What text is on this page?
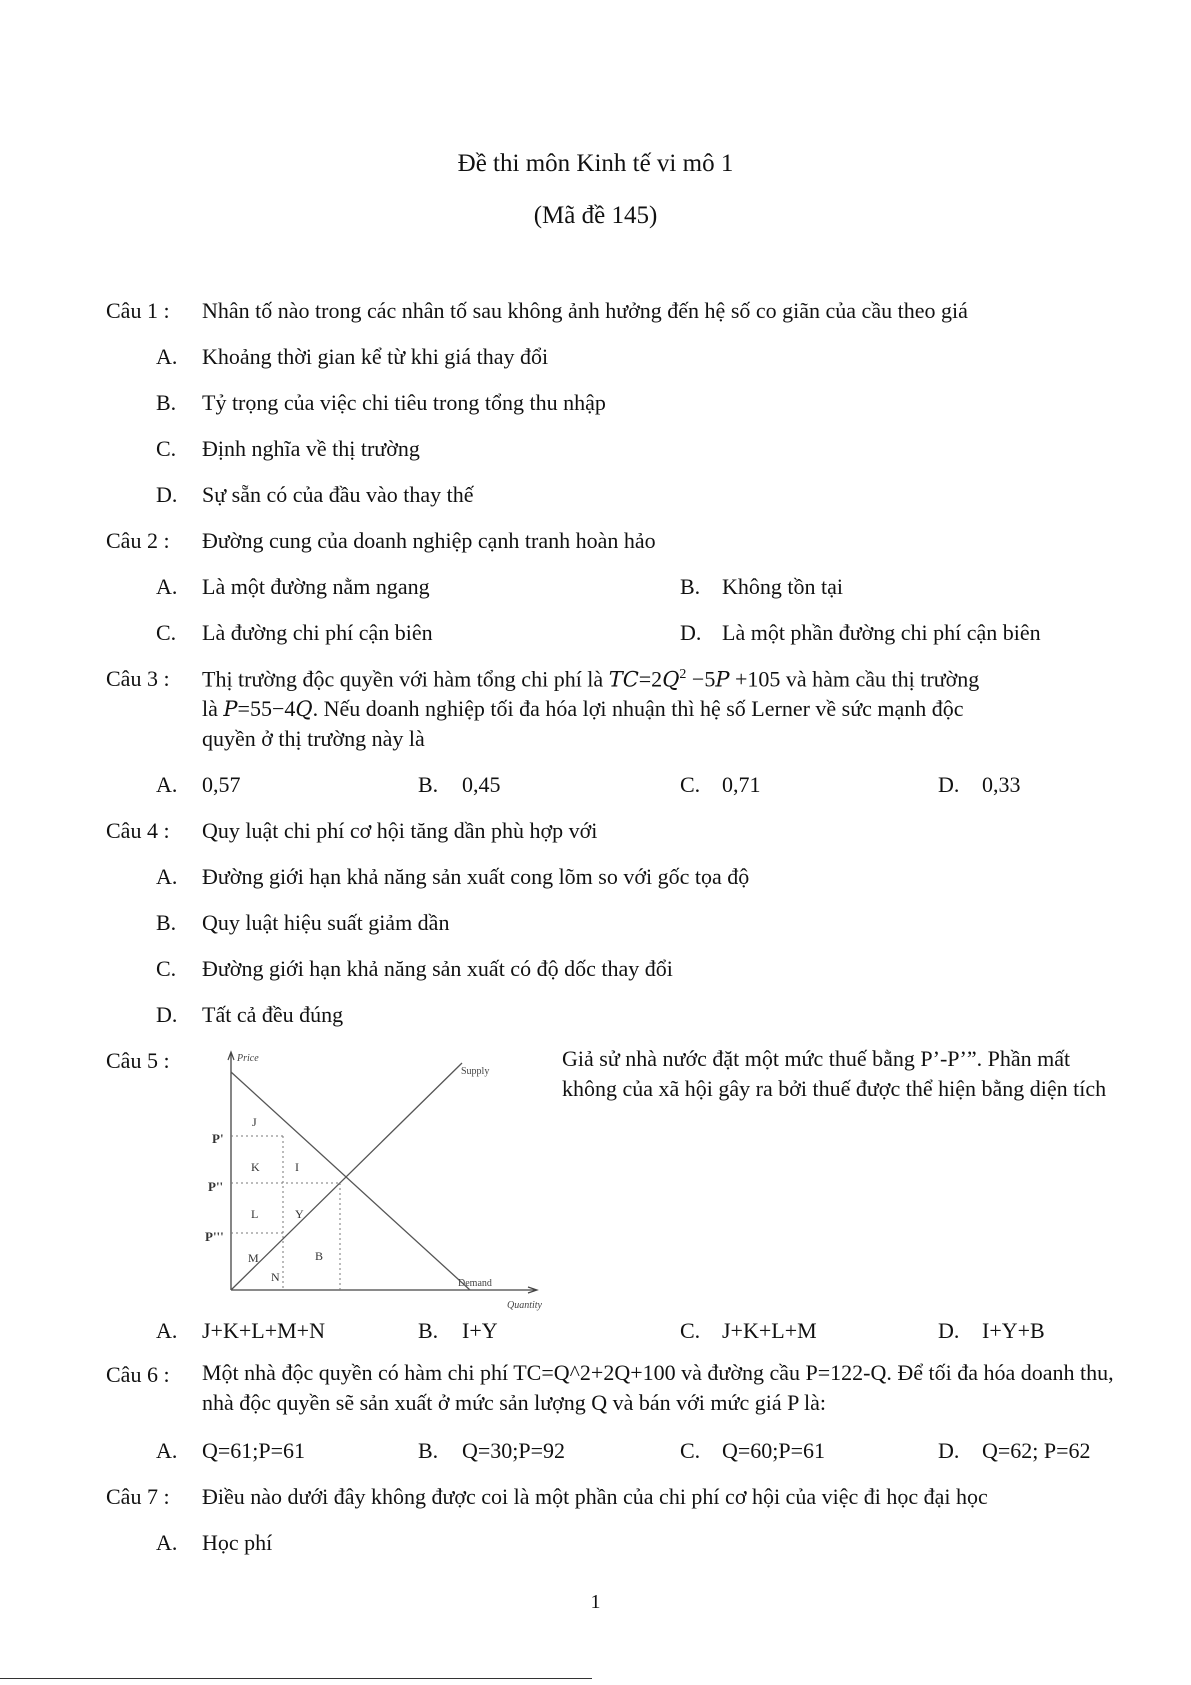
Đề thi môn Kinh tế vi mô 1
(Mã đề 145)
Câu 1 : Nhân tố nào trong các nhân tố sau không ảnh hưởng đến hệ số co giãn của cầu theo giá
A. Khoảng thời gian kể từ khi giá thay đổi
B. Tỷ trọng của việc chi tiêu trong tổng thu nhập
C. Định nghĩa về thị trường
D. Sự sẵn có của đầu vào thay thế
Câu 2 : Đường cung của doanh nghiệp cạnh tranh hoàn hảo
A. Là một đường nằm ngang	B. Không tồn tại
C. Là đường chi phí cận biên	D. Là một phần đường chi phí cận biên
Câu 3 : Thị trường độc quyền với hàm tổng chi phí là $TC=2Q^2 -5P +105$ và hàm cầu thị trường
là P=55−4Q. Nếu doanh nghiệp tối đa hóa lợi nhuận thì hệ số Lerner về sức mạnh độc
quyền ở thị trường này là
A. 0,57	B. 0,45	C. 0,71	D. 0,33
Câu 4 : Quy luật chi phí cơ hội tăng dần phù hợp với
A. Đường giới hạn khả năng sản xuất cong lõm so với gốc tọa độ
B. Quy luật hiệu suất giảm dần
C. Đường giới hạn khả năng sản xuất có độ dốc thay đổi
D. Tất cả đều đúng
Câu 5 :	Price
Quantity
Supply
Demand
P'
P''
P'''
J
K	I
L	Y
M	B
N
Giả sử nhà nước đặt một mức thuế bằng P’-P’”. Phần mất không của xã hội gây ra bởi thuế được thể hiện bằng diện tích
A. J+K+L+M+N	B. I+Y	C. J+K+L+M	D. I+Y+B
Câu 6 : Một nhà độc quyền có hàm chi phí TC=Q^2+2Q+100 và đường cầu P=122-Q. Để tối đa hóa doanh thu, nhà độc quyền sẽ sản xuất ở mức sản lượng Q và bán với mức giá P là:
A. Q=61;P=61	B. Q=30;P=92	C. Q=60;P=61	D. Q=62; P=62
Câu 7 : Điều nào dưới đây không được coi là một phần của chi phí cơ hội của việc đi học đại học
A. Học phí
1
